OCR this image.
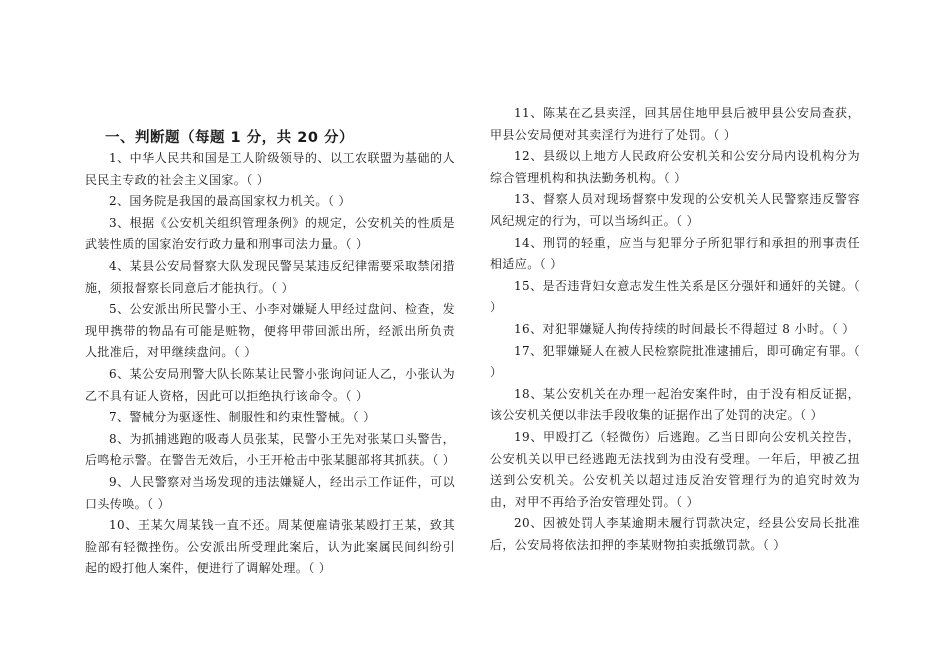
一、判断题（每题 1 分，共 20 分）

1、中华人民共和国是工人阶级领导的、以工农联盟为基础的人民民主专政的社会主义国家。（ ）

2、国务院是我国的最高国家权力机关。（ ）

3、根据《公安机关组织管理条例》的规定，公安机关的性质是武装性质的国家治安行政力量和刑事司法力量。（ ）

4、某县公安局督察大队发现民警吴某违反纪律需要采取禁闭措施，须报督察长同意后才能执行。（ ）

5、公安派出所民警小王、小李对嫌疑人甲经过盘问、检查，发现甲携带的物品有可能是赃物，便将甲带回派出所，经派出所负责人批准后，对甲继续盘问。（ ）

6、某公安局刑警大队长陈某让民警小张询问证人乙，小张认为乙不具有证人资格，因此可以拒绝执行该命令。（ ）

7、警械分为驱逐性、制服性和约束性警械。（ ）

8、为抓捕逃跑的吸毒人员张某，民警小王先对张某口头警告，后鸣枪示警。在警告无效后，小王开枪击中张某腿部将其抓获。（ ）

9、人民警察对当场发现的违法嫌疑人，经出示工作证件，可以口头传唤。（ ）

10、王某欠周某钱一直不还。周某便雇请张某殴打王某，致其脸部有轻微挫伤。公安派出所受理此案后，认为此案属民间纠纷引起的殴打他人案件，便进行了调解处理。（ ）

11、陈某在乙县卖淫，回其居住地甲县后被甲县公安局查获，甲县公安局便对其卖淫行为进行了处罚。（ ）

12、县级以上地方人民政府公安机关和公安分局内设机构分为综合管理机构和执法勤务机构。（ ）

13、督察人员对现场督察中发现的公安机关人民警察违反警容风纪规定的行为，可以当场纠正。（ ）

14、刑罚的轻重，应当与犯罪分子所犯罪行和承担的刑事责任相适应。（ ）

15、是否违背妇女意志发生性关系是区分强奸和通奸的关键。（ ）

16、对犯罪嫌疑人拘传持续的时间最长不得超过 8 小时。（ ）

17、犯罪嫌疑人在被人民检察院批准逮捕后，即可确定有罪。（ ）

18、某公安机关在办理一起治安案件时，由于没有相反证据，该公安机关便以非法手段收集的证据作出了处罚的决定。（ ）

19、甲殴打乙（轻微伤）后逃跑。乙当日即向公安机关控告，公安机关以甲已经逃跑无法找到为由没有受理。一年后，甲被乙扭送到公安机关。公安机关以超过违反治安管理行为的追究时效为由，对甲不再给予治安管理处罚。（ ）

20、因被处罚人李某逾期未履行罚款决定，经县公安局长批准后，公安局将依法扣押的李某财物拍卖抵缴罚款。（ ）
